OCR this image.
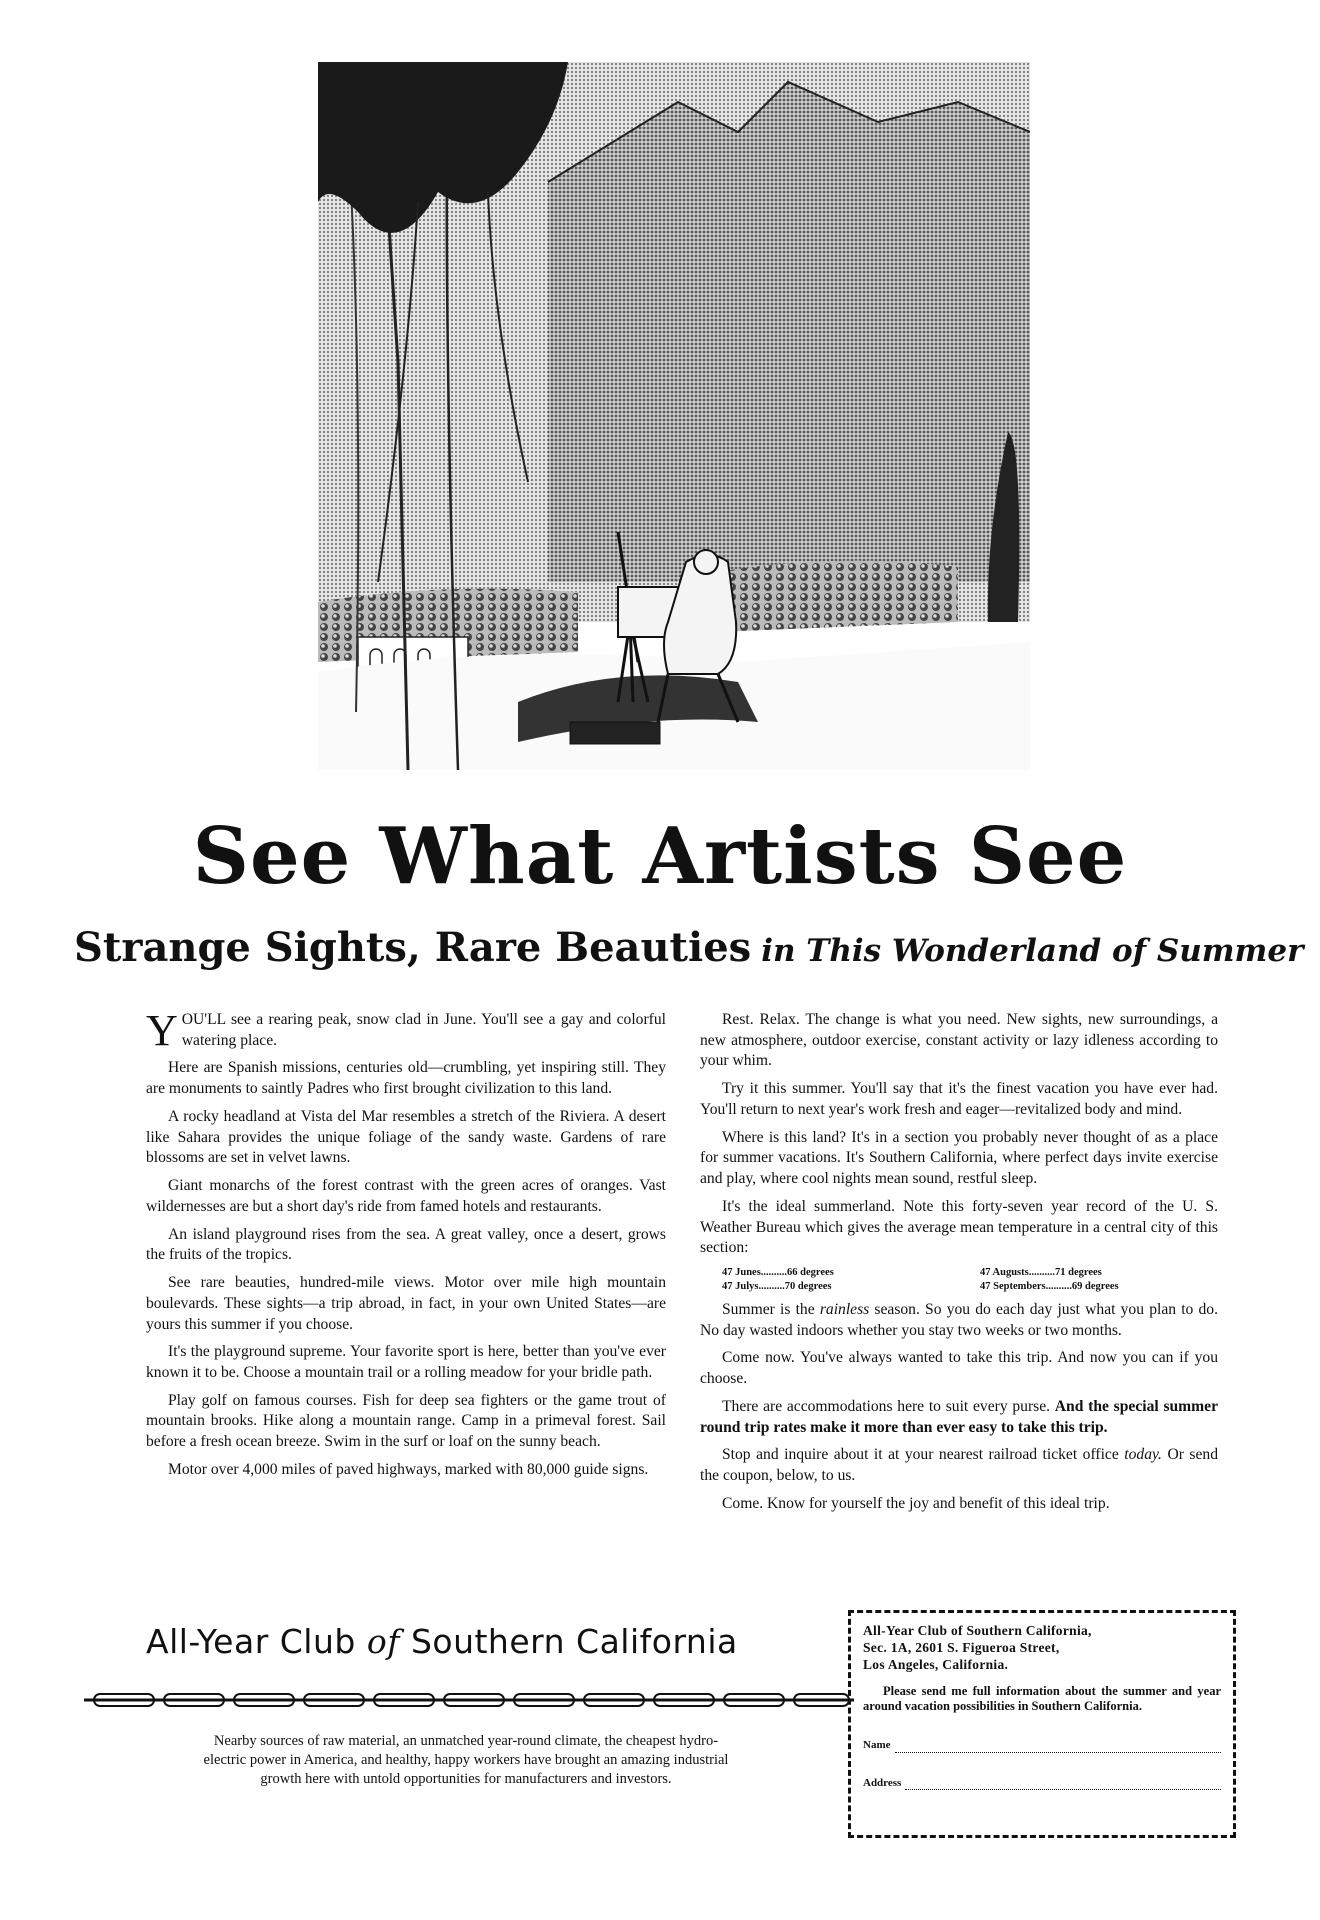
See What Artists See
Strange Sights, Rare Beauties in This Wonderland of Summer

YOU'LL see a rearing peak, snow clad in June. You'll see a gay and colorful watering place.

Here are Spanish missions, centuries old—crumbling, yet inspiring still. They are monuments to saintly Padres who first brought civilization to this land.

A rocky headland at Vista del Mar resembles a stretch of the Riviera. A desert like Sahara provides the unique foliage of the sandy waste. Gardens of rare blossoms are set in velvet lawns.

Giant monarchs of the forest contrast with the green acres of oranges. Vast wildernesses are but a short day's ride from famed hotels and restaurants.

An island playground rises from the sea. A great valley, once a desert, grows the fruits of the tropics.

See rare beauties, hundred-mile views. Motor over mile high mountain boulevards. These sights—a trip abroad, in fact, in your own United States—are yours this summer if you choose.

It's the playground supreme. Your favorite sport is here, better than you've ever known it to be. Choose a mountain trail or a rolling meadow for your bridle path.

Play golf on famous courses. Fish for deep sea fighters or the game trout of mountain brooks. Hike along a mountain range. Camp in a primeval forest. Sail before a fresh ocean breeze. Swim in the surf or loaf on the sunny beach.

Motor over 4,000 miles of paved highways, marked with 80,000 guide signs.

Rest. Relax. The change is what you need. New sights, new surroundings, a new atmosphere, outdoor exercise, constant activity or lazy idleness according to your whim.

Try it this summer. You'll say that it's the finest vacation you have ever had. You'll return to next year's work fresh and eager—revitalized body and mind.

Where is this land? It's in a section you probably never thought of as a place for summer vacations. It's Southern California, where perfect days invite exercise and play, where cool nights mean sound, restful sleep.

It's the ideal summerland. Note this forty-seven year record of the U. S. Weather Bureau which gives the average mean temperature in a central city of this section:

47 Junes..........66 degrees	47 Augusts..........71 degrees
47 Julys..........70 degrees	47 Septembers..........69 degrees

Summer is the rainless season. So you do each day just what you plan to do. No day wasted indoors whether you stay two weeks or two months.

Come now. You've always wanted to take this trip. And now you can if you choose.

There are accommodations here to suit every purse. And the special summer round trip rates make it more than ever easy to take this trip.

Stop and inquire about it at your nearest railroad ticket office today. Or send the coupon, below, to us.

Come. Know for yourself the joy and benefit of this ideal trip.

All-Year Club of Southern California
Nearby sources of raw material, an unmatched year-round climate, the cheapest hydro-electric power in America, and healthy, happy workers have brought an amazing industrial growth here with untold opportunities for manufacturers and investors.
All-Year Club of Southern California,
Sec. 1A, 2601 S. Figueroa Street,
Los Angeles, California.
Please send me full information about the summer and year around vacation possibilities in Southern California.
Name
Address
